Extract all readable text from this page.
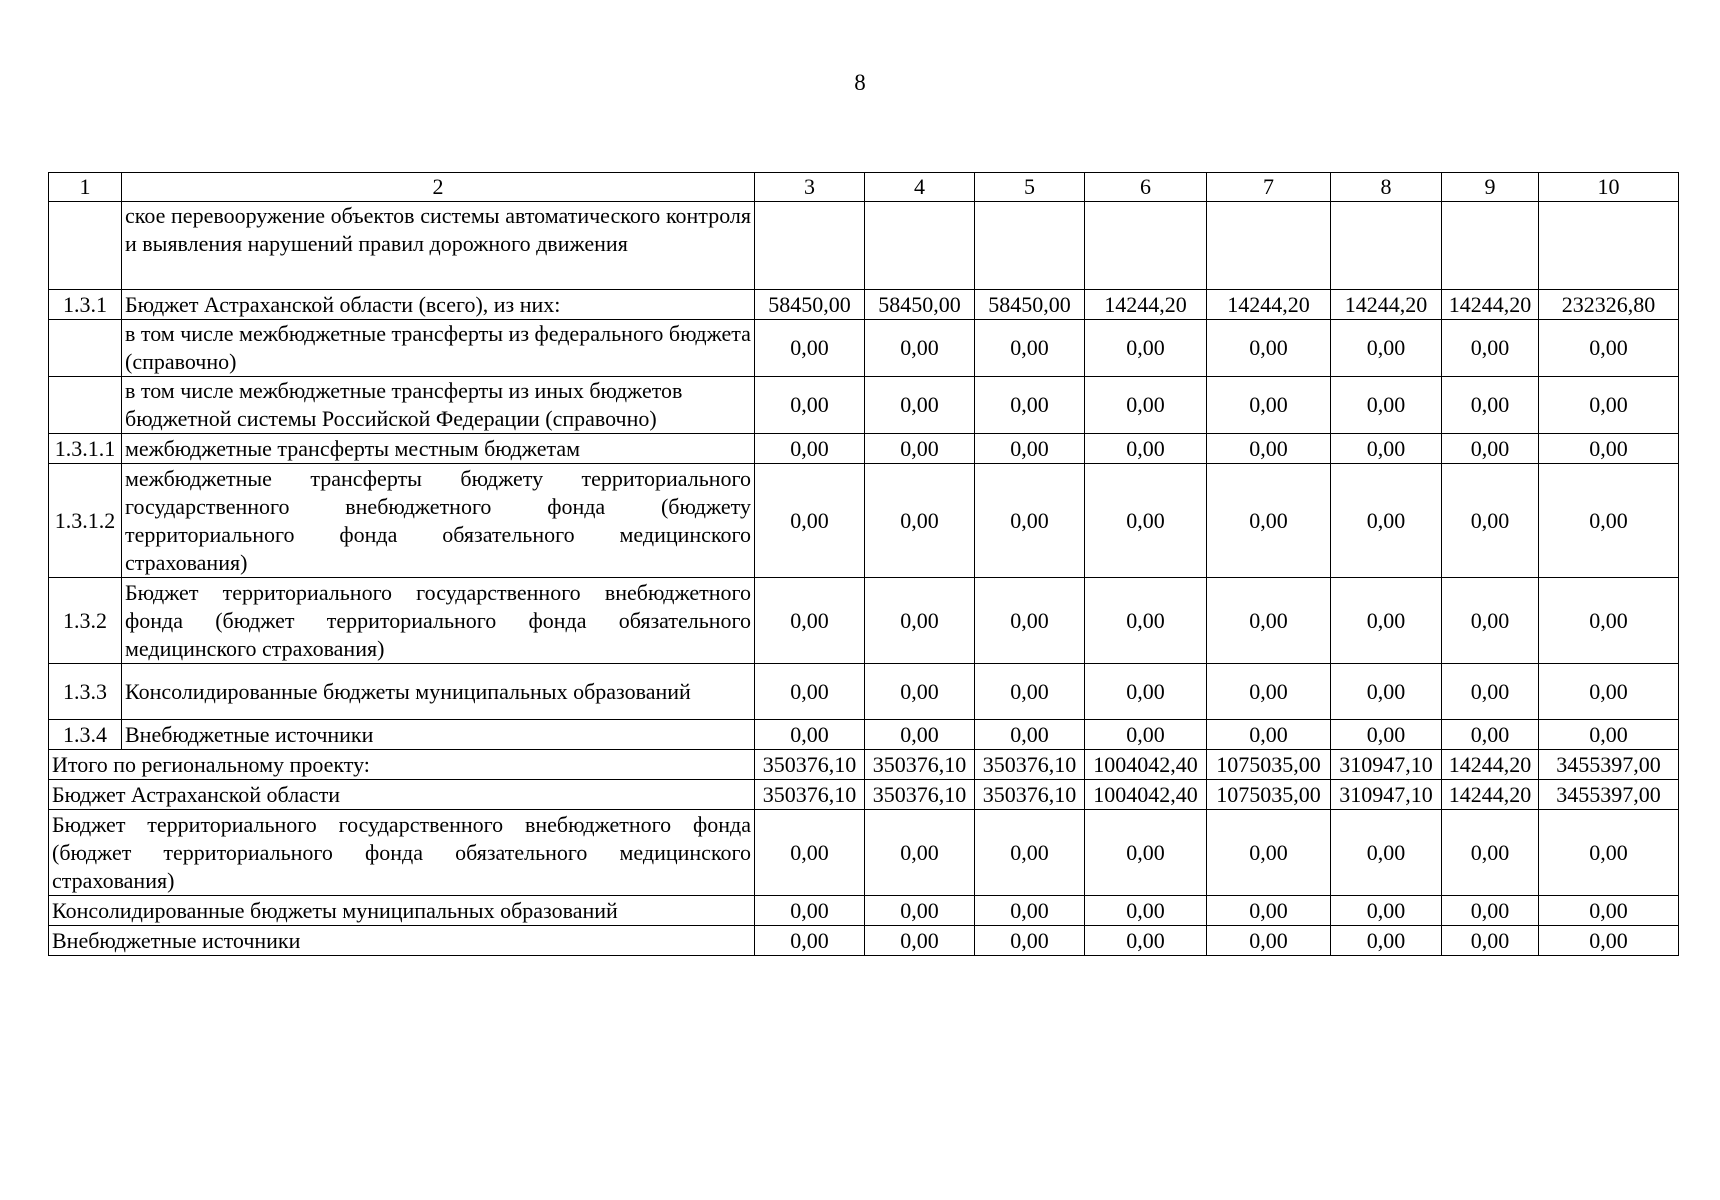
8
1	2	3	4	5	6	7	8	9	10
	ское перевооружение объектов системы автоматического контроля и выявления нарушений правил дорожного движения								
1.3.1	Бюджет Астраханской области (всего), из них:	58450,00	58450,00	58450,00	14244,20	14244,20	14244,20	14244,20	232326,80
	в том числе межбюджетные трансферты из федерального бюджета (справочно)	0,00	0,00	0,00	0,00	0,00	0,00	0,00	0,00
	в том числе межбюджетные трансферты из иных бюджетов бюджетной системы Российской Федерации (справочно)	0,00	0,00	0,00	0,00	0,00	0,00	0,00	0,00
1.3.1.1	межбюджетные трансферты местным бюджетам	0,00	0,00	0,00	0,00	0,00	0,00	0,00	0,00
1.3.1.2	межбюджетные трансферты бюджету территориального государственного внебюджетного фонда (бюджету территориального фонда обязательного медицинского страхования)	0,00	0,00	0,00	0,00	0,00	0,00	0,00	0,00
1.3.2	Бюджет территориального государственного внебюджетного фонда (бюджет территориального фонда обязательного медицинского страхования)	0,00	0,00	0,00	0,00	0,00	0,00	0,00	0,00
1.3.3	Консолидированные бюджеты муниципальных образований	0,00	0,00	0,00	0,00	0,00	0,00	0,00	0,00
1.3.4	Внебюджетные источники	0,00	0,00	0,00	0,00	0,00	0,00	0,00	0,00
Итого по региональному проекту:		350376,10	350376,10	350376,10	1004042,40	1075035,00	310947,10	14244,20	3455397,00
Бюджет Астраханской области		350376,10	350376,10	350376,10	1004042,40	1075035,00	310947,10	14244,20	3455397,00
Бюджет территориального государственного внебюджетного фонда (бюджет территориального фонда обязательного медицинского страхования)		0,00	0,00	0,00	0,00	0,00	0,00	0,00	0,00
Консолидированные бюджеты муниципальных образований		0,00	0,00	0,00	0,00	0,00	0,00	0,00	0,00
Внебюджетные источники		0,00	0,00	0,00	0,00	0,00	0,00	0,00	0,00
